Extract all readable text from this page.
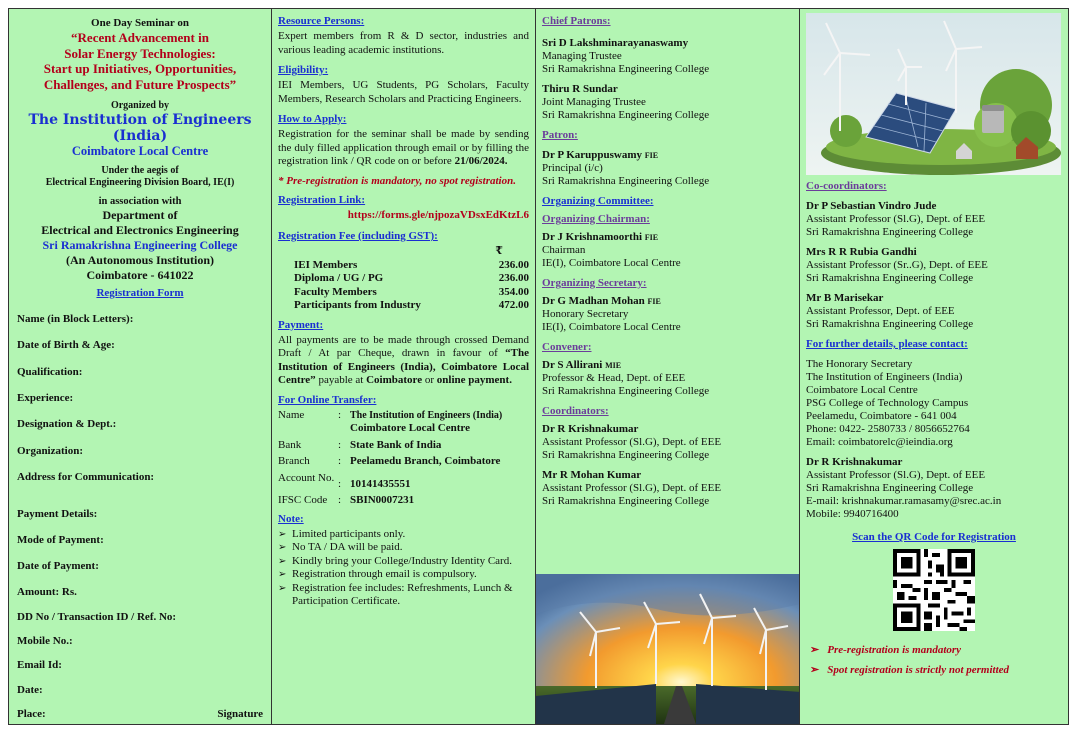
One Day Seminar on
“Recent Advancement in
Solar Energy Technologies:
Start up Initiatives, Opportunities,
Challenges, and Future Prospects”
Organized by
The Institution of Engineers (India)
Coimbatore Local Centre
Under the aegis of
Electrical Engineering Division Board, IE(I)
in association with
Department of
Electrical and Electronics Engineering
Sri Ramakrishna Engineering College
(An Autonomous Institution)
Coimbatore - 641022
Registration Form
Name (in Block Letters):
Date of Birth & Age:
Qualification:
Experience:
Designation & Dept.:
Organization:
Address for Communication:
Payment Details:
Mode of Payment:
Date of Payment:
Amount: Rs.
DD No / Transaction ID / Ref. No:
Mobile No.:
Email Id:
Date:
Place:	Signature
Resource Persons:
Expert members from R & D sector, industries and various leading academic institutions.
Eligibility:
IEI Members, UG Students, PG Scholars, Faculty Members, Research Scholars and Practicing Engineers.
How to Apply:
Registration for the seminar shall be made by sending the duly filled application through email or by filling the registration link / QR code on or before 21/06/2024.
* Pre-registration is mandatory, no spot registration.
Registration Link:
https://forms.gle/njpozaVDsxEdKtzL6
Registration Fee (including GST):
	₹
IEI Members	236.00
Diploma / UG / PG	236.00
Faculty Members	354.00
Participants from Industry	472.00
Payment:
All payments are to be made through crossed Demand Draft / At par Cheque, drawn in favour of “The Institution of Engineers (India), Coimbatore Local Centre” payable at Coimbatore or online payment.
For Online Transfer:
Name	:	The Institution of Engineers (India)
Coimbatore Local Centre

Bank	:	State Bank of India
Branch	:	Peelamedu Branch, Coimbatore
Account No.	:	10141435551
IFSC Code	:	SBIN0007231
Note:
➢ Limited participants only.
➢ No TA / DA will be paid.
➢ Kindly bring your College/Industry Identity Card.
➢ Registration through email is compulsory.
➢ Registration fee includes: Refreshments, Lunch & Participation Certificate.
Chief Patrons:
Sri D Lakshminarayanaswamy
Managing Trustee
Sri Ramakrishna Engineering College
Thiru R Sundar
Joint Managing Trustee
Sri Ramakrishna Engineering College
Patron:
Dr P Karuppuswamy FIE
Principal (i/c)
Sri Ramakrishna Engineering College
Organizing Committee:
Organizing Chairman:
Dr J Krishnamoorthi FIE
Chairman
IE(I), Coimbatore Local Centre
Organizing Secretary:
Dr G Madhan Mohan FIE
Honorary Secretary
IE(I), Coimbatore Local Centre
Convener:
Dr S Allirani MIE
Professor & Head, Dept. of EEE
Sri Ramakrishna Engineering College
Coordinators:
Dr R Krishnakumar
Assistant Professor (Sl.G), Dept. of EEE
Sri Ramakrishna Engineering College
Mr R Mohan Kumar
Assistant Professor (Sl.G), Dept. of EEE
Sri Ramakrishna Engineering College
Co-coordinators:
Dr P Sebastian Vindro Jude
Assistant Professor (Sl.G), Dept. of EEE
Sri Ramakrishna Engineering College
Mrs R R Rubia Gandhi
Assistant Professor (Sr..G), Dept. of EEE
Sri Ramakrishna Engineering College
Mr B Marisekar
Assistant Professor, Dept. of EEE
Sri Ramakrishna Engineering College
For further details, please contact:
The Honorary Secretary
The Institution of Engineers (India)
Coimbatore Local Centre
PSG College of Technology Campus
Peelamedu, Coimbatore - 641 004
Phone: 0422- 2580733 / 8056652764
Email: coimbatorelc@ieindia.org
Dr R Krishnakumar
Assistant Professor (Sl.G), Dept. of EEE
Sri Ramakrishna Engineering College
E-mail: krishnakumar.ramasamy@srec.ac.in
Mobile: 9940716400
Scan the QR Code for Registration
➢ Pre-registration is mandatory
➢ Spot registration is strictly not permitted
